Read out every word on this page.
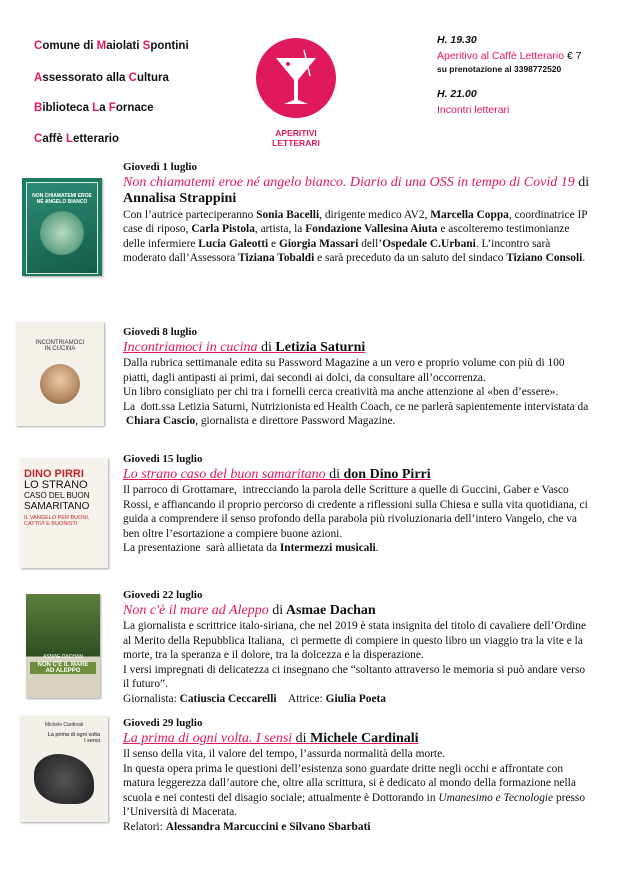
Comune di Maiolati Spontini
Assessorato alla Cultura
Biblioteca La Fornace
Caffè Letterario	APERITIVI
LETTERARI
H. 19.30
Aperitivo al Caffè Letterario € 7
su prenotazione al 3398772520
H. 21.00
Incontri letterari
NON CHIAMATEMI EROE
NÉ ANGELO BIANCO
Giovedì 1 luglio
Non chiamatemi eroe né angelo bianco. Diario di una OSS in tempo di Covid 19 di Annalisa Strappini

Con l’autrice parteciperanno Sonia Bacelli, dirigente medico AV2, Marcella Coppa, coordinatrice IP case di riposo, Carla Pistola, artista, la Fondazione Vallesina Aiuta e ascolteremo testimonianze delle infermiere Lucia Galeotti e Giorgia Massari dell’Ospedale C.Urbani. L’incontro sarà moderato dall’Assessora Tiziana Tobaldi e sarà preceduto da un saluto del sindaco Tiziano Consoli.

INCONTRIAMOCI
IN CUCINA
Giovedì 8 luglio
Incontriamoci in cucina di Letizia Saturni

Dalla rubrica settimanale edita su Password Magazine a un vero e proprio volume con più di 100 piatti, dagli antipasti ai primi, dai secondi ai dolci, da consultare all’occorrenza.
Un libro consigliato per chi tra i fornelli cerca creatività ma anche attenzione al «ben d’essere».
La  dott.ssa Letizia Saturni, Nutrizionista ed Health Coach, ce ne parlerà sapientemente intervistata da  Chiara Cascio, giornalista e direttore Password Magazine.

DINO PIRRI
LO STRANO
CASO DEL BUON
SAMARITANO
IL VANGELO PER BUONI,
CATTIVI E BUONISTI
Giovedì 15 luglio
Lo strano caso del buon samaritano di don Dino Pirri

Il parroco di Grottamare,  intrecciando la parola delle Scritture a quelle di Guccini, Gaber e Vasco Rossi, e affiancando il proprio percorso di credente a riflessioni sulla Chiesa e sulla vita quotidiana, ci guida a comprendere il senso profondo della parabola più rivoluzionaria dell’intero Vangelo, che va ben oltre l’esortazione a compiere buone azioni.
La presentazione  sarà allietata da Intermezzi musicali.

ASMAE DACHAN
NON C'È IL MARE
AD ALEPPO
Giovedì 22 luglio
Non c'è il mare ad Aleppo di Asmae Dachan

La giornalista e scrittrice italo-siriana, che nel 2019 è stata insignita del titolo di cavaliere dell’Ordine al Merito della Repubblica Italiana,  ci permette di compiere in questo libro un viaggio tra la vite e la morte, tra la speranza e il dolore, tra la dolcezza e la disperazione.
I versi impregnati di delicatezza ci insegnano che “soltanto attraverso le memoria si può andare verso il futuro”.
Giornalista: Catiuscia Ceccarelli    Attrice: Giulia Poeta

Michele Cardinali
La prima di ogni volta
I sensi
Giovedì 29 luglio
La prima di ogni volta. I sensi di Michele Cardinali

Il senso della vita, il valore del tempo, l’assurda normalità della morte.
In questa opera prima le questioni dell’esistenza sono guardate dritte negli occhi e affrontate con matura leggerezza dall’autore che, oltre alla scrittura, si è dedicato al mondo della formazione nella scuola e nei contesti del disagio sociale; attualmente è Dottorando in Umanesimo e Tecnologie presso l’Università di Macerata.
Relatori: Alessandra Marcuccini e Silvano Sbarbati
